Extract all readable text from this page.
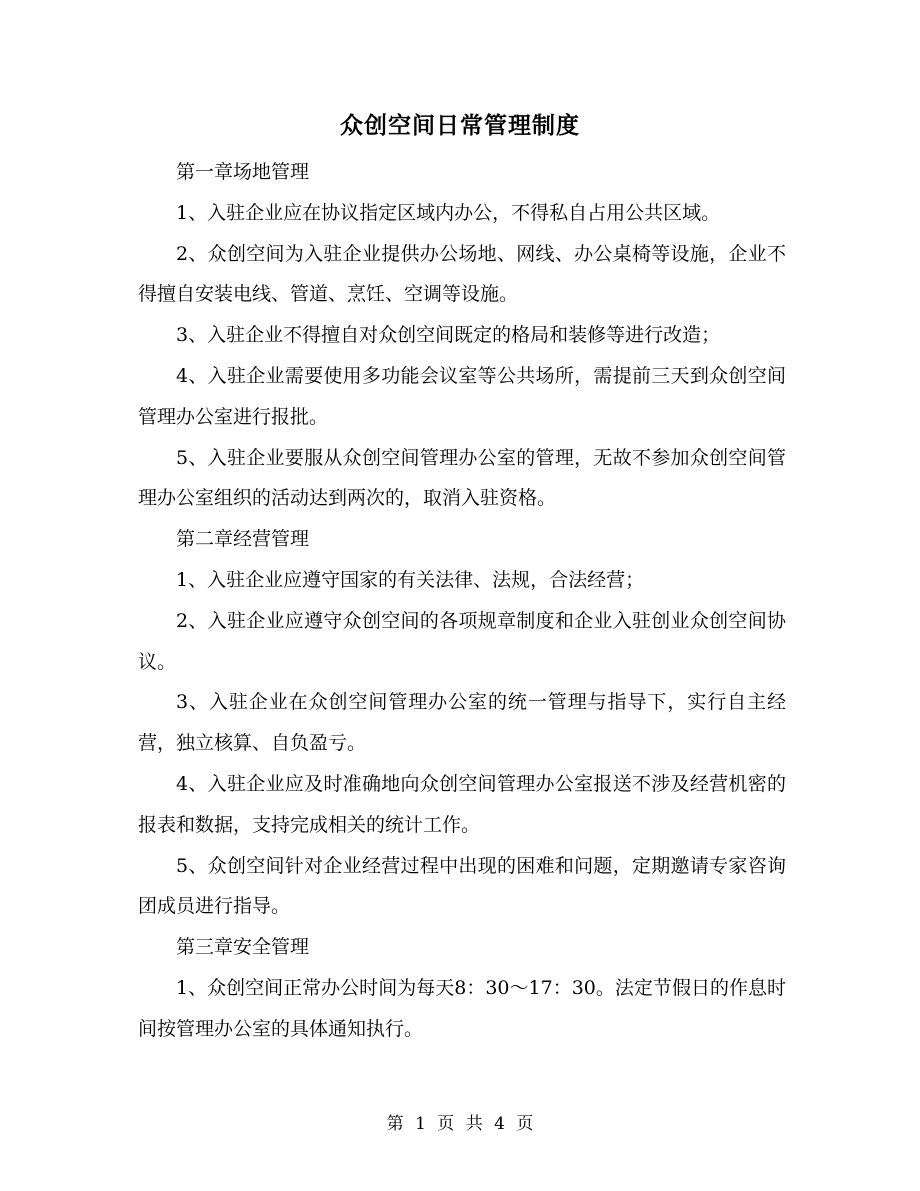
众创空间日常管理制度

第一章场地管理

1、入驻企业应在协议指定区域内办公，不得私自占用公共区域。

2、众创空间为入驻企业提供办公场地、网线、办公桌椅等设施，企业不得擅自安装电线、管道、烹饪、空调等设施。

3、入驻企业不得擅自对众创空间既定的格局和装修等进行改造；

4、入驻企业需要使用多功能会议室等公共场所，需提前三天到众创空间管理办公室进行报批。

5、入驻企业要服从众创空间管理办公室的管理，无故不参加众创空间管理办公室组织的活动达到两次的，取消入驻资格。

第二章经营管理

1、入驻企业应遵守国家的有关法律、法规，合法经营；

2、入驻企业应遵守众创空间的各项规章制度和企业入驻创业众创空间协议。

3、入驻企业在众创空间管理办公室的统一管理与指导下，实行自主经营，独立核算、自负盈亏。

4、入驻企业应及时准确地向众创空间管理办公室报送不涉及经营机密的报表和数据，支持完成相关的统计工作。

5、众创空间针对企业经营过程中出现的困难和问题，定期邀请专家咨询团成员进行指导。

第三章安全管理

1、众创空间正常办公时间为每天8：30～17：30。法定节假日的作息时间按管理办公室的具体通知执行。

第 1 页 共 4 页
